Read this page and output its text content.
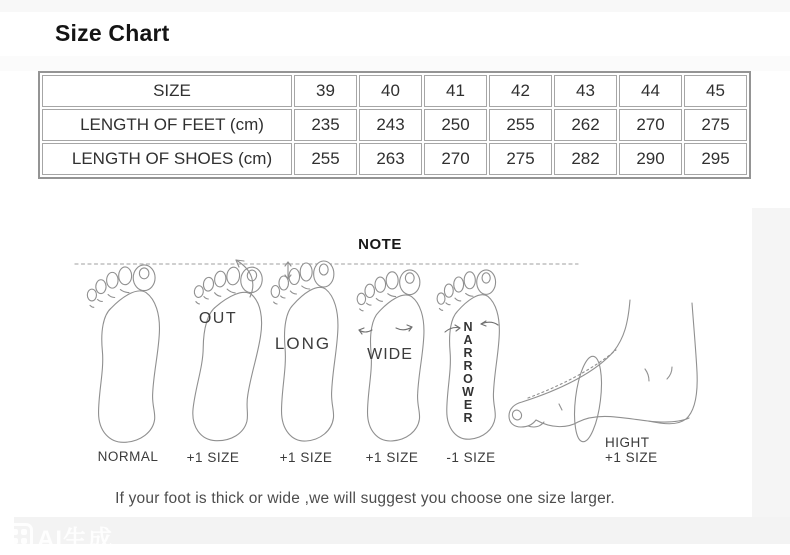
Size Chart
SIZE	39	40	41	42	43	44	45
LENGTH OF FEET (cm)	235	243	250	255	262	270	275
LENGTH OF SHOES (cm)	255	263	270	275	282	290	295
NOTE
OUT
LONG
WIDE	NARROWER
NORMAL	+1 SIZE	+1 SIZE	+1 SIZE	-1 SIZE
HIGHT
+1 SIZE
If your foot is thick or wide ,we will suggest you choose one size larger.
AI生成
